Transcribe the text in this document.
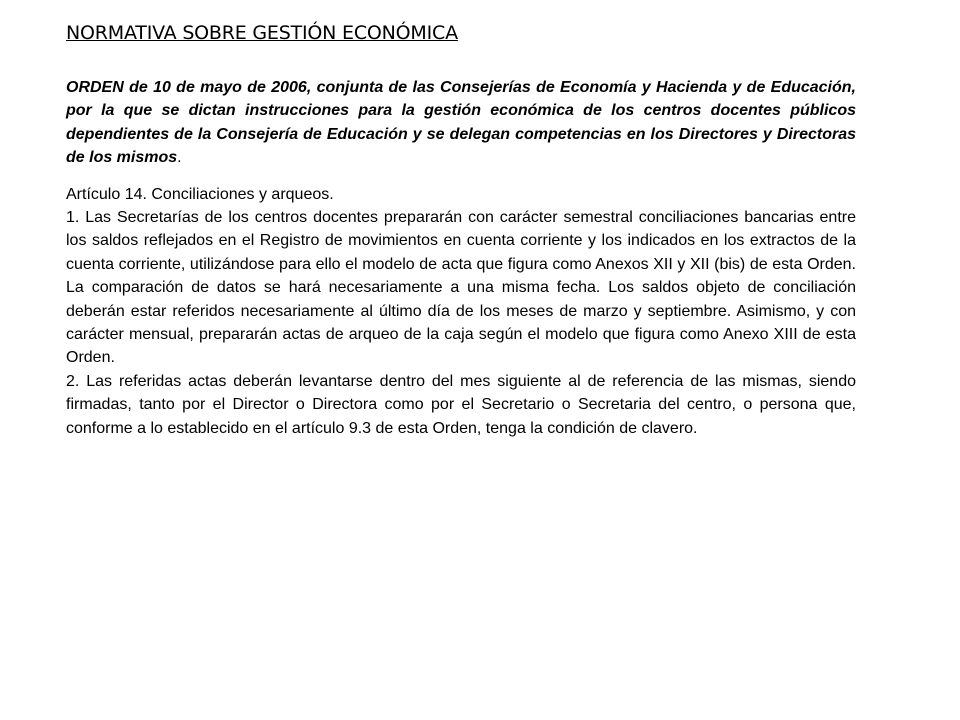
NORMATIVA SOBRE GESTIÓN ECONÓMICA

ORDEN de 10 de mayo de 2006, conjunta de las Consejerías de Economía y Hacienda y de Educación, por la que se dictan instrucciones para la gestión económica de los centros docentes públicos dependientes de la Consejería de Educación y se delegan competencias en los Directores y Directoras de los mismos.

Artículo 14. Conciliaciones y arqueos.

1. Las Secretarías de los centros docentes prepararán con carácter semestral conciliaciones bancarias entre los saldos reflejados en el Registro de movimientos en cuenta corriente y los indicados en los extractos de la cuenta corriente, utilizándose para ello el modelo de acta que figura como Anexos XII y XII (bis) de esta Orden. La comparación de datos se hará necesariamente a una misma fecha. Los saldos objeto de conciliación deberán estar referidos necesariamente al último día de los meses de marzo y septiembre. Asimismo, y con carácter mensual, prepararán actas de arqueo de la caja según el modelo que figura como Anexo XIII de esta Orden.

2. Las referidas actas deberán levantarse dentro del mes siguiente al de referencia de las mismas, siendo firmadas, tanto por el Director o Directora como por el Secretario o Secretaria del centro, o persona que, conforme a lo establecido en el artículo 9.3 de esta Orden, tenga la condición de clavero.
